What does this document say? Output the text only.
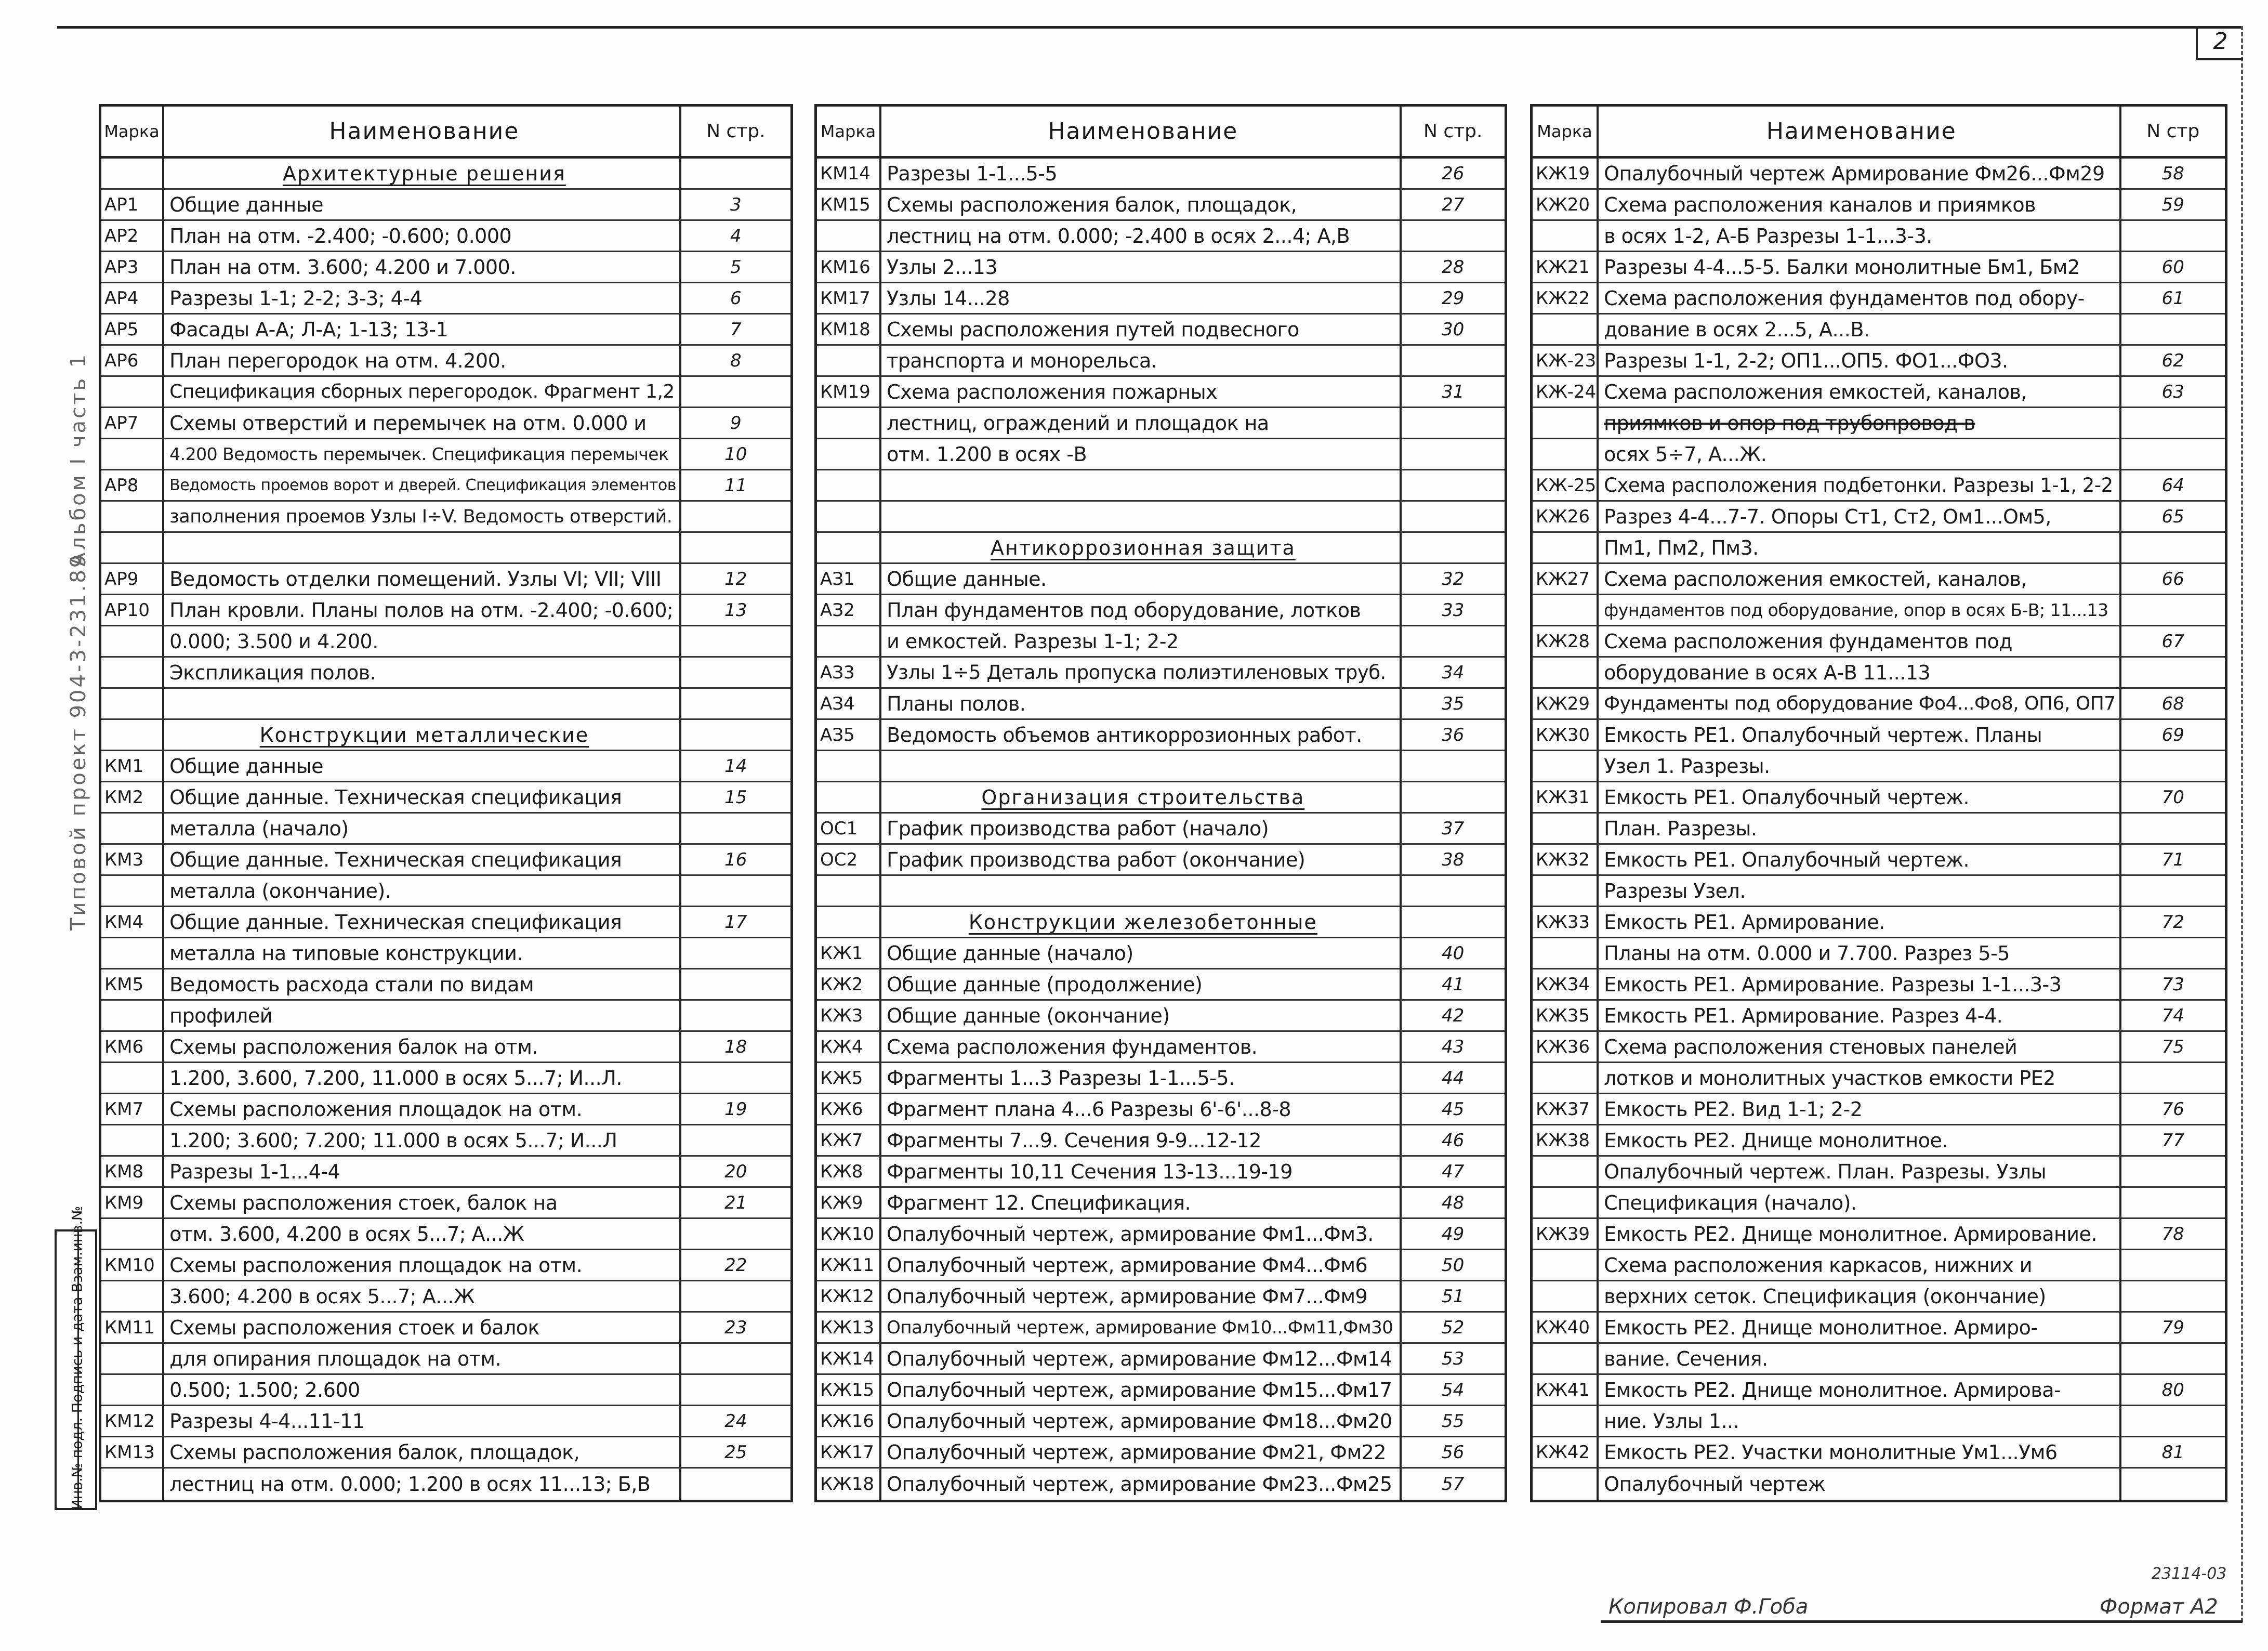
2
Альбом I часть 1
Типовой проект 904-3-231.89
Инв.№ подл. Подпись и дата Взам.инв.№
Марка	Наименование	N стр.
Архитектурные решения
АР1 Общие данные	3
АР2 План на отм. -2.400; -0.600; 0.000	4
АР3 План на отм. 3.600; 4.200 и 7.000.	5
АР4 Разрезы 1-1; 2-2; 3-3; 4-4	6
АР5 Фасады А-А; Л-А; 1-13; 13-1	7
АР6 План перегородок на отм. 4.200.	8
Спецификация сборных перегородок. Фрагмент 1,2
АР7 Схемы отверстий и перемычек на отм. 0.000 и	9
4.200 Ведомость перемычек. Спецификация перемычек	10
АР8 Ведомость проемов ворот и дверей. Спецификация элементов	11
заполнения проемов Узлы I÷V. Ведомость отверстий.
АР9 Ведомость отделки помещений. Узлы VI; VII; VIII	12
АР10 План кровли. Планы полов на отм. -2.400; -0.600;	13
0.000; 3.500 и 4.200.
Экспликация полов.
Конструкции металлические
КМ1 Общие данные	14
КМ2 Общие данные. Техническая спецификация	15
металла (начало)
КМ3 Общие данные. Техническая спецификация	16
металла (окончание).
КМ4 Общие данные. Техническая спецификация	17
металла на типовые конструкции.
КМ5 Ведомость расхода стали по видам
профилей
КМ6 Схемы расположения балок на отм.	18
1.200, 3.600, 7.200, 11.000 в осях 5...7; И...Л.
КМ7 Схемы расположения площадок на отм.	19
1.200; 3.600; 7.200; 11.000 в осях 5...7; И...Л
КМ8 Разрезы 1-1...4-4	20
КМ9 Схемы расположения стоек, балок на	21
отм. 3.600, 4.200 в осях 5...7; А...Ж
КМ10 Схемы расположения площадок на отм.	22
3.600; 4.200 в осях 5...7; А...Ж
КМ11 Схемы расположения стоек и балок	23
для опирания площадок на отм.
0.500; 1.500; 2.600
КМ12 Разрезы 4-4...11-11	24
КМ13 Схемы расположения балок, площадок,	25
лестниц на отм. 0.000; 1.200 в осях 11...13; Б,В
Марка	Наименование	N стр.
КМ14 Разрезы 1-1...5-5	26
КМ15 Схемы расположения балок, площадок,	27
лестниц на отм. 0.000; -2.400 в осях 2...4; А,В
КМ16 Узлы 2...13	28
КМ17 Узлы 14...28	29
КМ18 Схемы расположения путей подвесного	30
транспорта и монорельса.
КМ19 Схема расположения пожарных	31
лестниц, ограждений и площадок на
отм. 1.200 в осях -В
Антикоррозионная защита
АЗ1 Общие данные.	32
АЗ2 План фундаментов под оборудование, лотков	33
и емкостей. Разрезы 1-1; 2-2
АЗ3 Узлы 1÷5 Деталь пропуска полиэтиленовых труб.	34
АЗ4 Планы полов.	35
АЗ5 Ведомость объемов антикоррозионных работ.	36
Организация строительства
ОС1 График производства работ (начало)	37
ОС2 График производства работ (окончание)	38
Конструкции железобетонные
КЖ1 Общие данные (начало)	40
КЖ2 Общие данные (продолжение)	41
КЖ3 Общие данные (окончание)	42
КЖ4 Схема расположения фундаментов.	43
КЖ5 Фрагменты 1...3 Разрезы 1-1...5-5.	44
КЖ6 Фрагмент плана 4...6 Разрезы 6'-6'...8-8	45
КЖ7 Фрагменты 7...9. Сечения 9-9...12-12	46
КЖ8 Фрагменты 10,11 Сечения 13-13...19-19	47
КЖ9 Фрагмент 12. Спецификация.	48
КЖ10 Опалубочный чертеж, армирование Фм1...Фм3.	49
КЖ11 Опалубочный чертеж, армирование Фм4...Фм6	50
КЖ12 Опалубочный чертеж, армирование Фм7...Фм9	51
КЖ13 Опалубочный чертеж, армирование Фм10...Фм11,Фм30	52
КЖ14 Опалубочный чертеж, армирование Фм12...Фм14	53
КЖ15 Опалубочный чертеж, армирование Фм15...Фм17	54
КЖ16 Опалубочный чертеж, армирование Фм18...Фм20	55
КЖ17 Опалубочный чертеж, армирование Фм21, Фм22	56
КЖ18 Опалубочный чертеж, армирование Фм23...Фм25	57
Марка	Наименование	N стр
КЖ19 Опалубочный чертеж Армирование Фм26...Фм29	58
КЖ20 Схема расположения каналов и приямков	59
в осях 1-2, А-Б Разрезы 1-1...3-3.
КЖ21 Разрезы 4-4...5-5. Балки монолитные Бм1, Бм2	60
КЖ22 Схема расположения фундаментов под обору-	61
дование в осях 2...5, А...В.
КЖ-23 Разрезы 1-1, 2-2; ОП1...ОП5. ФО1...ФО3.	62
КЖ-24 Схема расположения емкостей, каналов,	63
приямков и опор под трубопровод в
осях 5÷7, А...Ж.
КЖ-25 Схема расположения подбетонки. Разрезы 1-1, 2-2	64
КЖ26 Разрез 4-4...7-7. Опоры Ст1, Ст2, Ом1...Ом5,	65
Пм1, Пм2, Пм3.
КЖ27 Схема расположения емкостей, каналов,	66
фундаментов под оборудование, опор в осях Б-В; 11...13
КЖ28 Схема расположения фундаментов под	67
оборудование в осях А-В 11...13
КЖ29 Фундаменты под оборудование Фо4...Фо8, ОП6, ОП7	68
КЖ30 Емкость РЕ1. Опалубочный чертеж. Планы	69
Узел 1. Разрезы.
КЖ31 Емкость РЕ1. Опалубочный чертеж.	70
План. Разрезы.
КЖ32 Емкость РЕ1. Опалубочный чертеж.	71
Разрезы Узел.
КЖ33 Емкость РЕ1. Армирование.	72
Планы на отм. 0.000 и 7.700. Разрез 5-5
КЖ34 Емкость РЕ1. Армирование. Разрезы 1-1...3-3	73
КЖ35 Емкость РЕ1. Армирование. Разрез 4-4.	74
КЖ36 Схема расположения стеновых панелей	75
лотков и монолитных участков емкости РЕ2
КЖ37 Емкость РЕ2. Вид 1-1; 2-2	76
КЖ38 Емкость РЕ2. Днище монолитное.	77
Опалубочный чертеж. План. Разрезы. Узлы
Спецификация (начало).
КЖ39 Емкость РЕ2. Днище монолитное. Армирование.	78
Схема расположения каркасов, нижних и
верхних сеток. Спецификация (окончание)
КЖ40 Емкость РЕ2. Днище монолитное. Армиро-	79
вание. Сечения.
КЖ41 Емкость РЕ2. Днище монолитное. Армирова-	80
ние. Узлы 1...
КЖ42 Емкость РЕ2. Участки монолитные Ум1...Ум6	81
Опалубочный чертеж
23114-03
Копировал Ф.Гоба	Формат А2
